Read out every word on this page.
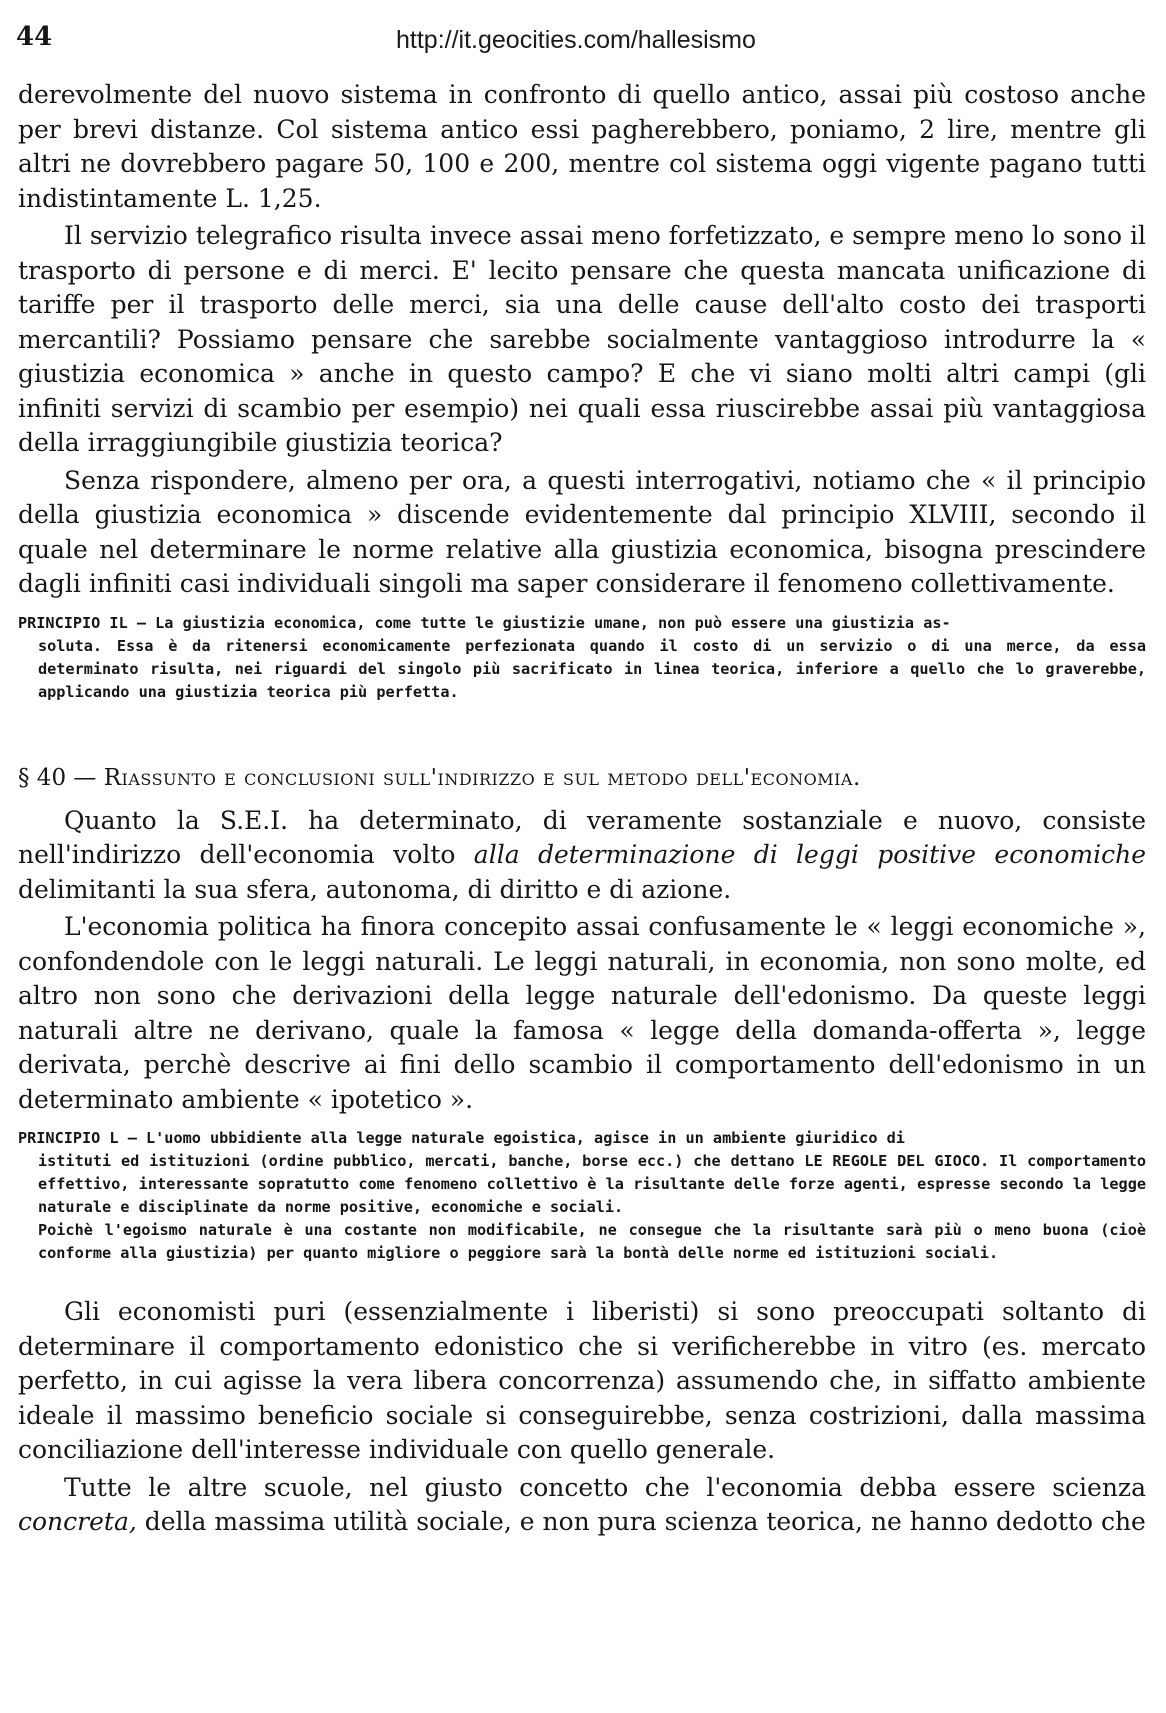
44	http://it.geocities.com/hallesismo

derevolmente del nuovo sistema in confronto di quello antico, assai più costoso anche per brevi distanze. Col sistema antico essi pagherebbero, poniamo, 2 lire, mentre gli altri ne dovrebbero pagare 50, 100 e 200, mentre col sistema oggi vigente pagano tutti indistintamente L. 1,25.

Il servizio telegrafico risulta invece assai meno forfetizzato, e sempre meno lo sono il trasporto di persone e di merci. E' lecito pensare che questa mancata unificazione di tariffe per il trasporto delle merci, sia una delle cause dell'alto costo dei trasporti mercantili? Possiamo pensare che sarebbe socialmente vantaggioso introdurre la « giustizia economica » anche in questo campo? E che vi siano molti altri campi (gli infiniti servizi di scambio per esempio) nei quali essa riuscirebbe assai più vantaggiosa della irraggiungibile giustizia teorica?

Senza rispondere, almeno per ora, a questi interrogativi, notiamo che « il principio della giustizia economica » discende evidentemente dal principio XLVIII, secondo il quale nel determinare le norme relative alla giustizia economica, bisogna prescindere dagli infiniti casi individuali singoli ma saper considerare il fenomeno collettivamente.

PRINCIPIO IL — La giustizia economica, come tutte le giustizie umane, non può essere una giustizia as-
soluta. Essa è da ritenersi economicamente perfezionata quando il costo di un servizio o di una merce, da essa determinato risulta, nei riguardi del singolo più sacrificato in linea teorica, inferiore a quello che lo graverebbe, applicando una giustizia teorica più perfetta.
§ 40 — Riassunto e conclusioni sull'indirizzo e sul metodo dell'economia.

Quanto la S.E.I. ha determinato, di veramente sostanziale e nuovo, consiste nell'indirizzo dell'economia volto alla determinazione di leggi positive economiche delimitanti la sua sfera, autonoma, di diritto e di azione.

L'economia politica ha finora concepito assai confusamente le « leggi economiche », confondendole con le leggi naturali. Le leggi naturali, in economia, non sono molte, ed altro non sono che derivazioni della legge naturale dell'edonismo. Da queste leggi naturali altre ne derivano, quale la famosa « legge della domanda-offerta », legge derivata, perchè descrive ai fini dello scambio il comportamento dell'edonismo in un determinato ambiente « ipotetico ».

PRINCIPIO L — L'uomo ubbidiente alla legge naturale egoistica, agisce in un ambiente giuridico di
istituti ed istituzioni (ordine pubblico, mercati, banche, borse ecc.) che dettano LE REGOLE DEL GIOCO. Il comportamento effettivo, interessante sopratutto come fenomeno collettivo è la risultante delle forze agenti, espresse secondo la legge naturale e disciplinate da norme positive, economiche e sociali.
Poichè l'egoismo naturale è una costante non modificabile, ne consegue che la risultante sarà più o meno buona (cioè conforme alla giustizia) per quanto migliore o peggiore sarà la bontà delle norme ed istituzioni sociali.

Gli economisti puri (essenzialmente i liberisti) si sono preoccupati soltanto di determinare il comportamento edonistico che si verificherebbe in vitro (es. mercato perfetto, in cui agisse la vera libera concorrenza) assumendo che, in siffatto ambiente ideale il massimo beneficio sociale si conseguirebbe, senza costrizioni, dalla massima conciliazione dell'interesse individuale con quello generale.

Tutte le altre scuole, nel giusto concetto che l'economia debba essere scienza concreta, della massima utilità sociale, e non pura scienza teorica, ne hanno dedotto che
